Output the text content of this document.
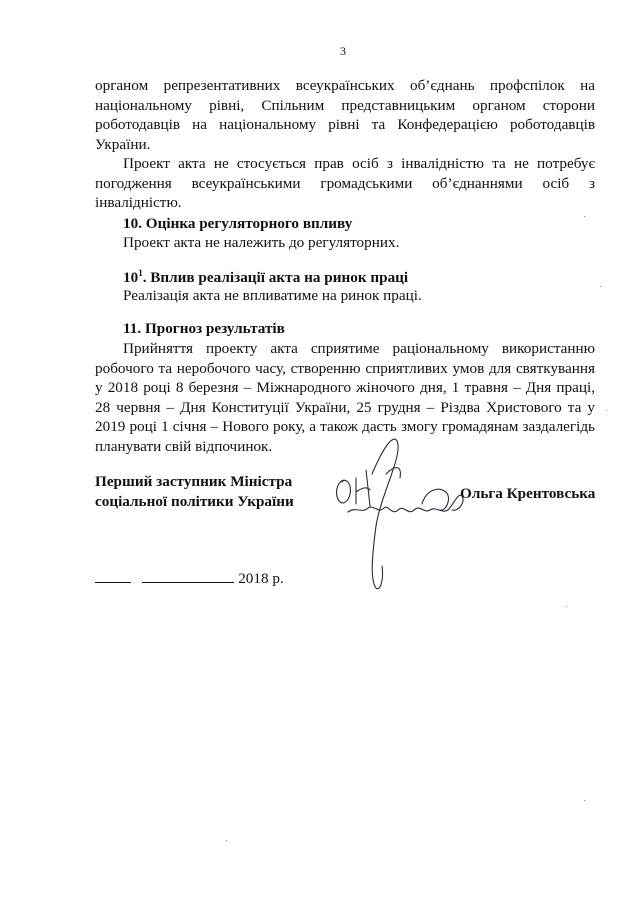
3

органом репрезентативних всеукраїнських об’єднань профспілок на національному рівні, Спільним представницьким органом сторони роботодавців на національному рівні та Конфедерацією роботодавців України.

Проект акта не стосується прав осіб з інвалідністю та не потребує погодження всеукраїнськими громадськими об’єднаннями осіб з інвалідністю.

10. Оцінка регуляторного впливу

Проект акта не належить до регуляторних.

$10^1$. Вплив реалізації акта на ринок праці

Реалізація акта не впливатиме на ринок праці.

11. Прогноз результатів

Прийняття проекту акта сприятиме раціональному використанню робочого та неробочого часу, створенню сприятливих умов для святкування у 2018 році 8 березня – Міжнародного жіночого дня, 1 травня – Дня праці, 28 червня – Дня Конституції України, 25 грудня – Різдва Христового та у 2019 році 1 січня – Нового року, а також дасть змогу громадянам заздалегідь планувати свій відпочинок.

Перший заступник Міністра
соціальної політики України	Ольга Крентовська
2018 р.
